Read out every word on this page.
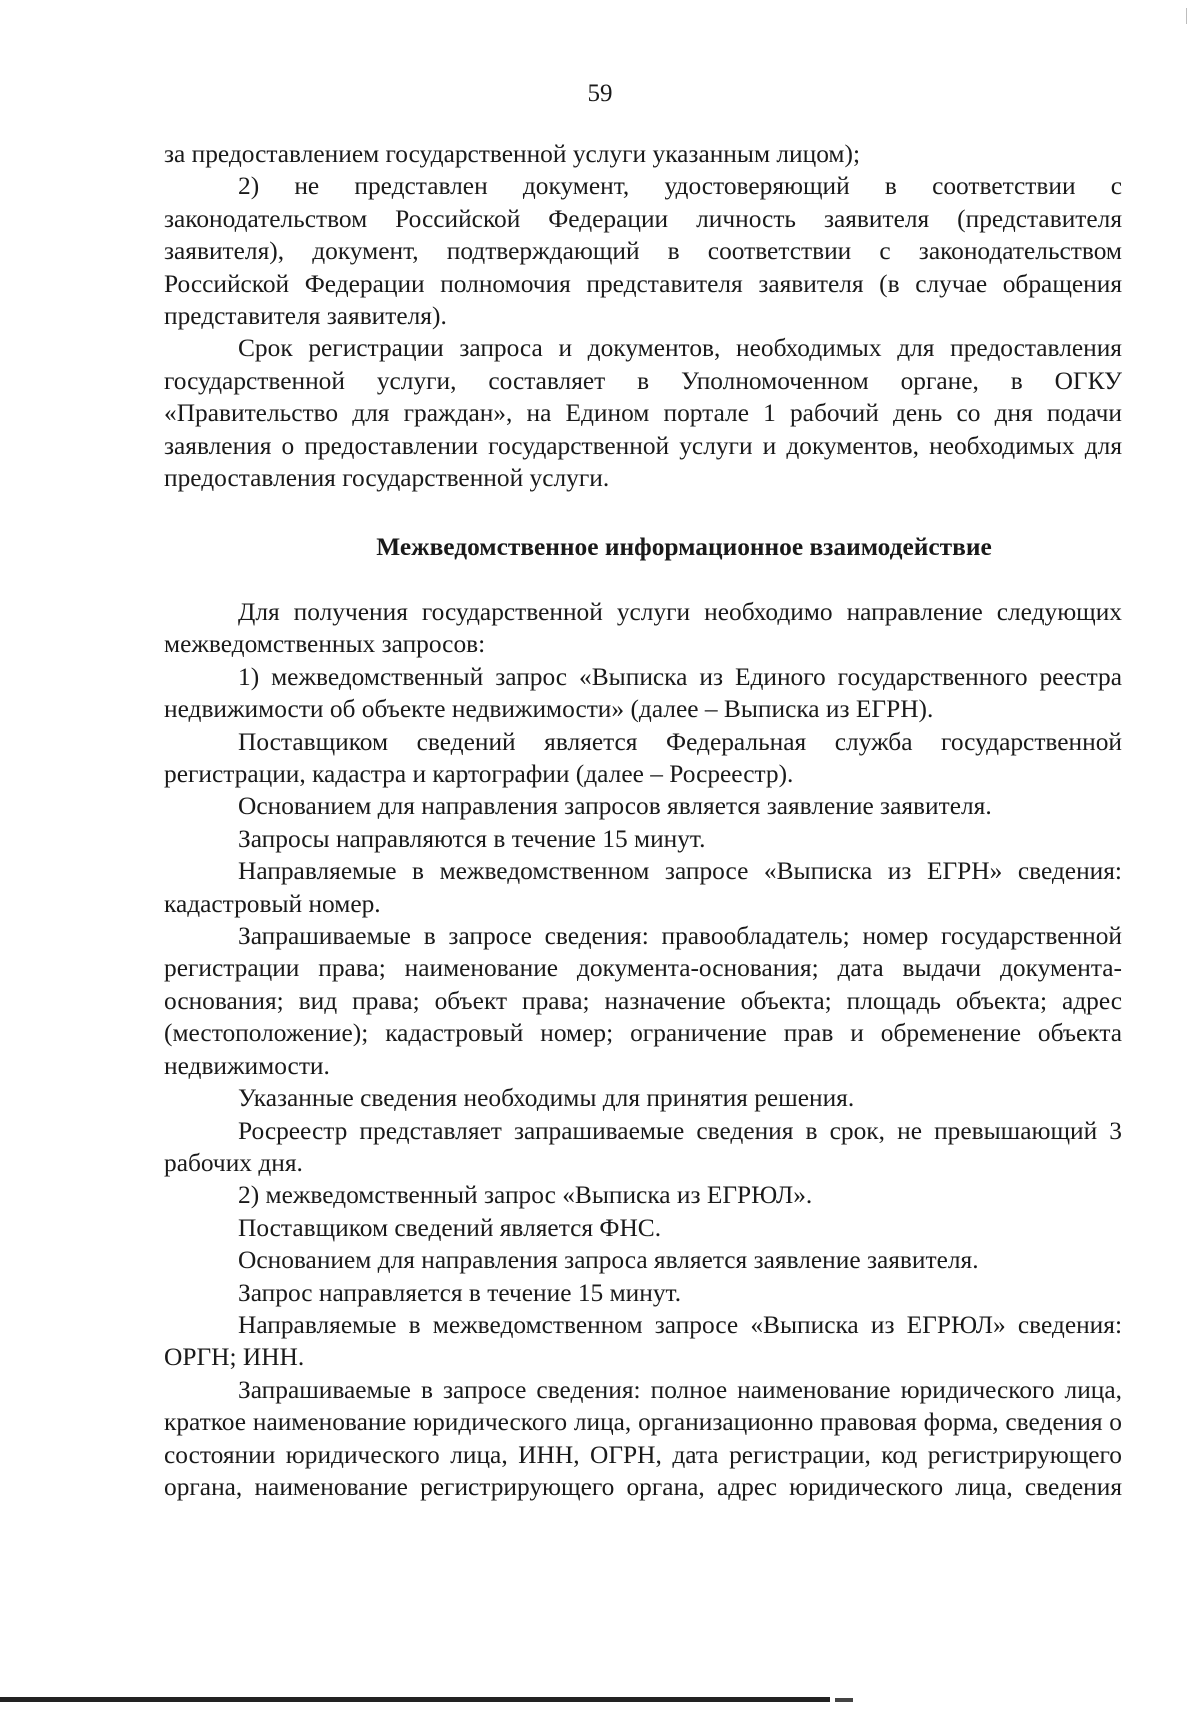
59

за предоставлением государственной услуги указанным лицом);

2) не представлен документ, удостоверяющий в соответствии с законодательством Российской Федерации личность заявителя (представителя заявителя), документ, подтверждающий в соответствии с законодательством Российской Федерации полномочия представителя заявителя (в случае обращения представителя заявителя).

Срок регистрации запроса и документов, необходимых для предоставления государственной услуги, составляет в Уполномоченном органе, в ОГКУ «Правительство для граждан», на Едином портале 1 рабочий день со дня подачи заявления о предоставлении государственной услуги и документов, необходимых для предоставления государственной услуги.

Межведомственное информационное взаимодействие

Для получения государственной услуги необходимо направление следующих межведомственных запросов:

1) межведомственный запрос «Выписка из Единого государственного реестра недвижимости об объекте недвижимости» (далее – Выписка из ЕГРН).

Поставщиком сведений является Федеральная служба государственной регистрации, кадастра и картографии (далее – Росреестр).

Основанием для направления запросов является заявление заявителя.

Запросы направляются в течение 15 минут.

Направляемые в межведомственном запросе «Выписка из ЕГРН» сведения: кадастровый номер.

Запрашиваемые в запросе сведения: правообладатель; номер государственной регистрации права; наименование документа-основания; дата выдачи документа-основания; вид права; объект права; назначение объекта; площадь объекта; адрес (местоположение); кадастровый номер; ограничение прав и обременение объекта недвижимости.

Указанные сведения необходимы для принятия решения.

Росреестр представляет запрашиваемые сведения в срок, не превышающий 3 рабочих дня.

2) межведомственный запрос «Выписка из ЕГРЮЛ».

Поставщиком сведений является ФНС.

Основанием для направления запроса является заявление заявителя.

Запрос направляется в течение 15 минут.

Направляемые в межведомственном запросе «Выписка из ЕГРЮЛ» сведения: ОРГН; ИНН.

Запрашиваемые в запросе сведения: полное наименование юридического лица, краткое наименование юридического лица, организационно правовая форма, сведения о состоянии юридического лица, ИНН, ОГРН, дата регистрации, код регистрирующего органа, наименование регистрирующего органа, адрес юридического лица, сведения
